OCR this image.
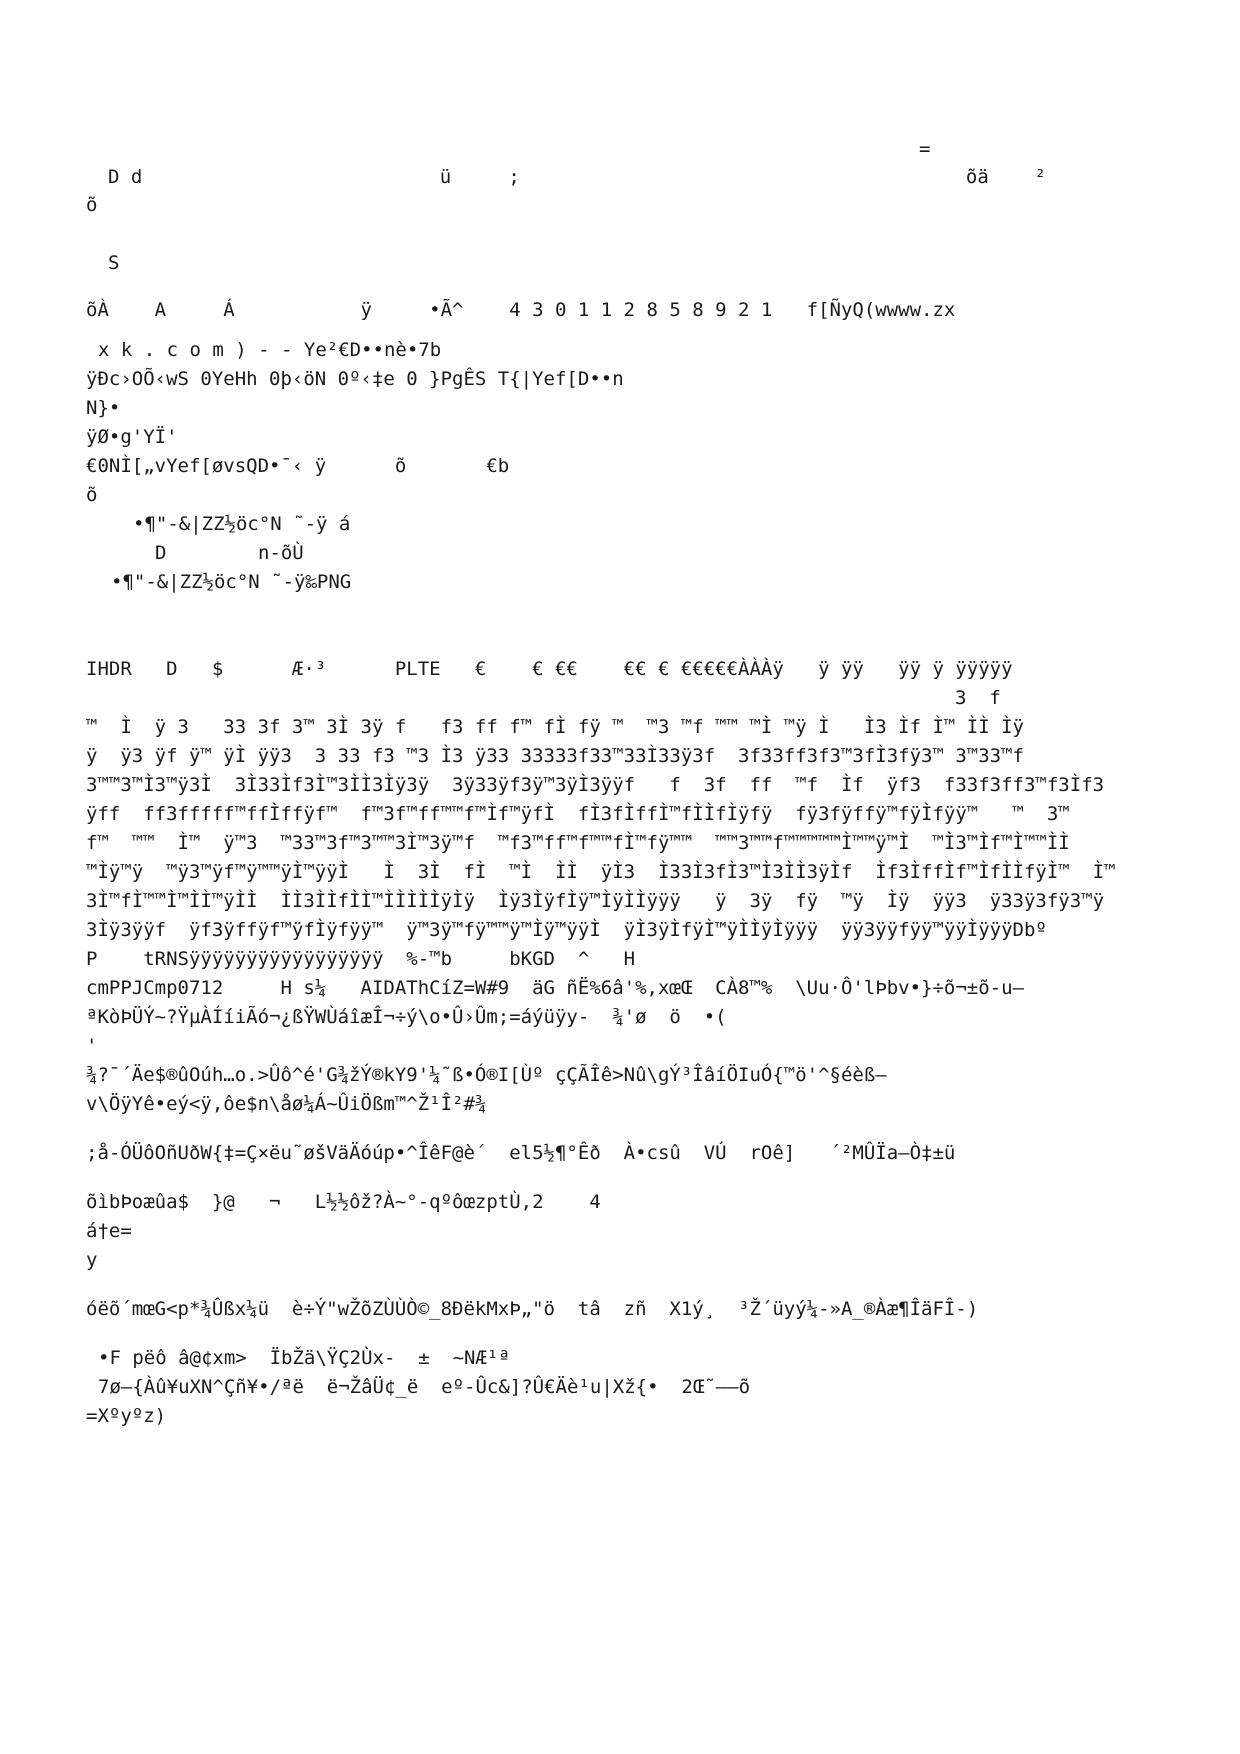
=
D d                          ü     ;                                       õä    ²
õ
S
õÀ    A     Á           ÿ     •Ã^    4 3 0 1 1 2 8 5 8 9 2 1   f[ÑyQ(wwww.zx
x k . c o m ) - - Ye²€D••nè•7b
ÿÐc›OÕ‹wS 0YeHh 0þ‹öN 0º‹‡e 0 }PgÊS T{|Yef[D••n
N}•
ÿØ•g'YÏ'
€0NÌ[„vYef[øvsQD•¯‹ ÿ      õ       €b
õ
•¶"-&|ZZ½öc°N ˜-ÿ á
D        n-õÙ
•¶"-&|ZZ½öc°N ˜-ÿ‰PNG
IHDR   D   $      Æ·³      PLTE   €    € €€    €€ € €€€€€ÀÀÀÿ   ÿ ÿÿ   ÿÿ ÿ ÿÿÿÿÿ
3  f
™  Ì  ÿ 3   33 3f 3™ 3Ì 3ÿ f   f3 ff f™ fÌ fÿ ™  ™3 ™f ™™ ™Ì ™ÿ Ì   Ì3 Ìf Ì™ ÌÌ Ìÿ
ÿ  ÿ3 ÿf ÿ™ ÿÌ ÿÿ3  3 33 f3 ™3 Ì3 ÿ33 33333f33™33Ì33ÿ3f  3f33ff3f3™3fÌ3fÿ3™ 3™33™f
3™™3™Ì3™ÿ3Ì  3Ì33Ìf3Ì™3ÌÌ3Ìÿ3ÿ  3ÿ33ÿf3ÿ™3ÿÌ3ÿÿf   f  3f  ff  ™f  Ìf  ÿf3  f33f3ff3™f3Ìf3
ÿff  ff3fffff™ffÌffÿf™  f™3f™ff™™f™Ìf™ÿfÌ  fÌ3fÌffÌ™fÌÌfÌÿfÿ  fÿ3fÿffÿ™fÿÌfÿÿ™   ™  3™
f™  ™™  Ì™  ÿ™3  ™33™3f™3™™3Ì™3ÿ™f  ™f3™ff™f™™fÌ™fÿ™™  ™™3™™f™™™™™Ì™™ÿ™Ì  ™Ì3™Ìf™Ì™™ÌÌ
™Ìÿ™ÿ  ™ÿ3™ÿf™ÿ™™ÿÌ™ÿÿÌ   Ì  3Ì  fÌ  ™Ì  ÌÌ  ÿÌ3  Ì33Ì3fÌ3™Ì3ÌÌ3ÿÌf  Ìf3ÌffÌf™ÌfÌÌfÿÌ™  Ì™
3Ì™fÌ™™Ì™ÌÌ™ÿÌÌ  ÌÌ3ÌÌfÌÌ™ÌÌÌÌÌÿÌÿ  Ìÿ3ÌÿfÌÿ™ÌÿÌÌÿÿÿ   ÿ  3ÿ  fÿ  ™ÿ  Ìÿ  ÿÿ3  ÿ33ÿ3fÿ3™ÿ
3Ìÿ3ÿÿf  ÿf3ÿffÿf™ÿfÌÿfÿÿ™  ÿ™3ÿ™fÿ™™ÿ™Ìÿ™ÿÿÌ  ÿÌ3ÿÌfÿÌ™ÿÌÌÿÌÿÿÿ  ÿÿ3ÿÿfÿÿ™ÿÿÌÿÿÿDbº
P    tRNSÿÿÿÿÿÿÿÿÿÿÿÿÿÿÿÿÿ  %-™b     bKGD  ^   H
cmPPJCmp0712     H s¼   AIDAThCíZ=W#9  äG ñË%6â'%,xœŒ  CÀ8™%  \Uu·Ô'lÞbv•}÷õ¬±õ-u—
ªKòÞÜÝ~?ŸµÀÍíiÃó¬¿ßŸWÙáîæÎ¬÷ý\o•Û›Ûm;=áýüÿy-  ¾'ø  ö  •(
'
¾?¯´Äe$®ûOúh…o.>Ûô^é'G¾žÝ®kY9'¼˜ß•Ó®I[Ùº çÇÃÎê>Nû\gÝ³ÎâíÖIuÓ{™ö'^§éèß—
v\ÖÿYê•eý<ÿ,ôe$n\åø¼Á~ÛiÖßm™^Ž¹Î²#¾
;å-ÓÜôOñUðW{‡=Ç×ëu˜øšVäÄóúp•^ÎêF@è´  el5½¶°Êð  À•csû  VÚ  rOê]   ´²MÛÏa—Ò‡±ü
õìbÞoæûa$  }@   ¬   L½½ôž?À~°-qºôœzptÙ,2    4
á†e=
y
óëõ´mœG<p*¾Ûßx¼ü  è÷Ý"wŽõZÙÙÒ©_8ÐëkMxÞ„"ö  tâ  zñ  X1ý¸  ³Ž´üyý¼-»A_®Àæ¶ÎäFÎ-)
•F pëô â@¢xm>  ÏbŽä\ŸÇ2Ùx-  ±  ~NÆ¹ª
7ø—{Àû¥uXN^Çñ¥•/ªë  ë¬ŽâÜ¢_ë  eº-Ûc&]?Û€Äè¹u|Xž{•  2Œ˜——õ
=Xºyºz)
